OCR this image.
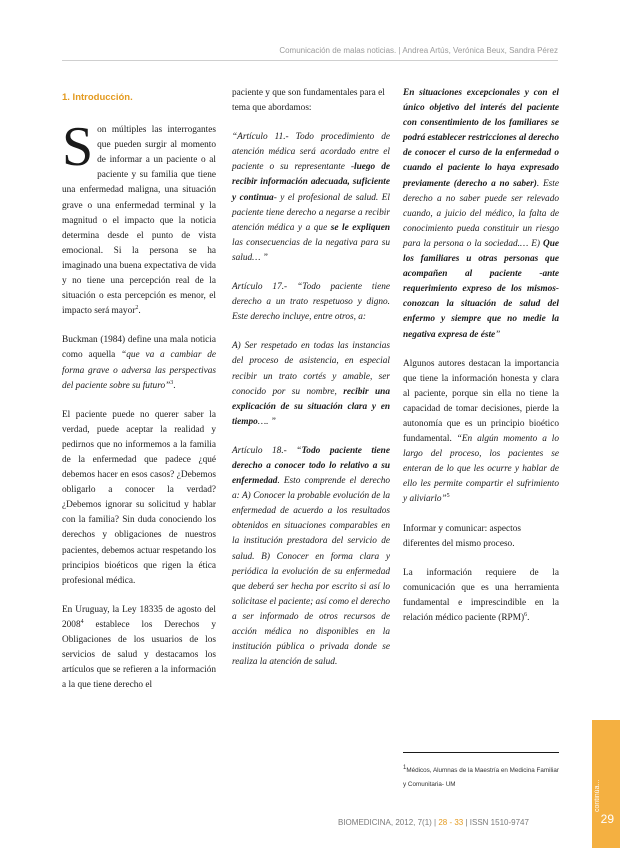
Comunicación de malas noticias. | Andrea Artús, Verónica Beux, Sandra Pérez
1. Introducción.

Son múltiples las interrogantes que pueden surgir al momento de informar a un paciente o al paciente y su familia que tiene una enfermedad maligna, una situación grave o una enfermedad terminal y la magnitud o el impacto que la noticia determina desde el punto de vista emocional. Si la persona se ha imaginado una buena expectativa de vida y no tiene una percepción real de la situación o esta percepción es menor, el impacto será mayor$^2$.

Buckman (1984) define una mala noticia como aquella “que va a cambiar de forma grave o adversa las perspectivas del paciente sobre su futuro”$^3$.

El paciente puede no querer saber la verdad, puede aceptar la realidad y pedirnos que no informemos a la familia de la enfermedad que padece ¿qué debemos hacer en esos casos? ¿Debemos obligarlo a conocer la verdad? ¿Debemos ignorar su solicitud y hablar con la familia? Sin duda conociendo los derechos y obligaciones de nuestros pacientes, debemos actuar respetando los principios bioéticos que rigen la ética profesional médica.

En Uruguay, la Ley 18335 de agosto del 2008$^4$ establece los Derechos y Obligaciones de los usuarios de los servicios de salud y destacamos los artículos que se refieren a la información a la que tiene derecho el

paciente y que son fundamentales para el tema que abordamos:

“Artículo 11.- Todo procedimiento de atención médica será acordado entre el paciente o su representante -luego de recibir información adecuada, suficiente y continua- y el profesional de salud. El paciente tiene derecho a negarse a recibir atención médica y a que se le expliquen las consecuencias de la negativa para su salud… ”

Artículo 17.- “Todo paciente tiene derecho a un trato respetuoso y digno. Este derecho incluye, entre otros, a:

A) Ser respetado en todas las instancias del proceso de asistencia, en especial recibir un trato cortés y amable, ser conocido por su nombre, recibir una explicación de su situación clara y en tiempo…. ”

Artículo 18.- “Todo paciente tiene derecho a conocer todo lo relativo a su enfermedad. Esto comprende el derecho a: A) Conocer la probable evolución de la enfermedad de acuerdo a los resultados obtenidos en situaciones comparables en la institución prestadora del servicio de salud. B) Conocer en forma clara y periódica la evolución de su enfermedad que deberá ser hecha por escrito si así lo solicitase el paciente; así como el derecho a ser informado de otros recursos de acción médica no disponibles en la institución pública o privada donde se realiza la atención de salud.

En situaciones excepcionales y con el único objetivo del interés del paciente con consentimiento de los familiares se podrá establecer restricciones al derecho de conocer el curso de la enfermedad o cuando el paciente lo haya expresado previamente (derecho a no saber). Este derecho a no saber puede ser relevado cuando, a juicio del médico, la falta de conocimiento pueda constituir un riesgo para la persona o la sociedad.… E) Que los familiares u otras personas que acompañen al paciente -ante requerimiento expreso de los mismos- conozcan la situación de salud del enfermo y siempre que no medie la negativa expresa de éste”

Algunos autores destacan la importancia que tiene la información honesta y clara al paciente, porque sin ella no tiene la capacidad de tomar decisiones, pierde la autonomía que es un principio bioético fundamental. “En algún momento a lo largo del proceso, los pacientes se enteran de lo que les ocurre y hablar de ello les permite compartir el sufrimiento y aliviarlo”$^5$

Informar y comunicar: aspectos diferentes del mismo proceso.

La información requiere de la comunicación que es una herramienta fundamental e imprescindible en la relación médico paciente (RPM)$^6$.

$^1$Médicos, Alumnas de la Maestría en Medicina Familiar y Comunitaria- UM	continúa...
29
BIOMEDICINA, 2012, 7(1) | 28 - 33 | ISSN 1510-9747
